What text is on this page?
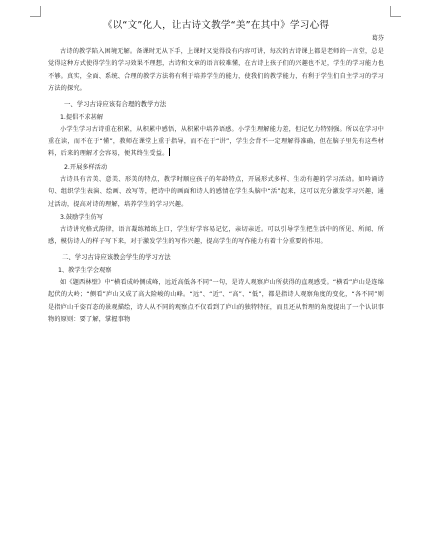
《以“文”化人，让古诗文教学“美”在其中》学习心得
葛芬

古诗的教学陷入困境无解。备课时无从下手，上课时又觉得没有内容可讲，每次的古诗课上都是老师的一言堂，总是觉得这种方式使得学生的学习效果不理想，古诗和文章的语言较难懂，在古诗上孩子们的兴趣也不足，学生的学习能力也不够。真实，全面、系统、合理的教学方法将有利于培养学生的能力，使我们的教学能力，有利于学生们自主学习的学习方法的探究。

一、学习古诗应该有合理的教学方法
1.提倡不求甚解

小学生学习古诗重在积累，从积累中感悟，从积累中培养语感。小学生理解能力差，但记忆力特别强。所以在学习中重在读，而不在于“懂”，教师在课堂上重于指导，而不在于“讲”，学生会背不一定理解得准确，但在脑子里先有这些材料，后来的理解才会容易，便其终生受益。

2.开展多样活动

古诗具有音美、意美、形美的特点，教学时顺应孩子的年龄特点，开展形式多样、生动有趣的学习活动。如吟诵诗句、组织学生表演、绘画、改写等，把诗中的画面和诗人的感情在学生头脑中“活”起来，这可以充分激发学习兴趣，通过活动，提高对诗的理解，培养学生的学习兴趣。

3.鼓励学生仿写

古诗讲究格式韵律，语言凝练精练上口，学生好学容易记忆，亲切亲近。可以引导学生把生活中的所见、所闻、所感，模仿诗人的样子写下来，对于激发学生的写作兴趣，提高学生的写作能力有着十分重要的作用。

二、学习古诗应该教会学生的学习方法
1、教学生学会观察

如《题西林壁》中“横看成岭侧成峰，远近高低各不同”一句，是诗人观察庐山所获得的直观感受。“横看”庐山是连绵起伏的大岭；“侧看”庐山又成了高大险峻的山峰。“远”、“近”、“高”、“低”，都是指诗人观察角度的变化，“各不同”则是指庐山千姿百态的景观描绘，诗人从不同的观察点不仅看到了庐山的独特特征，而且还从哲理的角度提出了一个认识事物的原则：要了解，掌握事物
